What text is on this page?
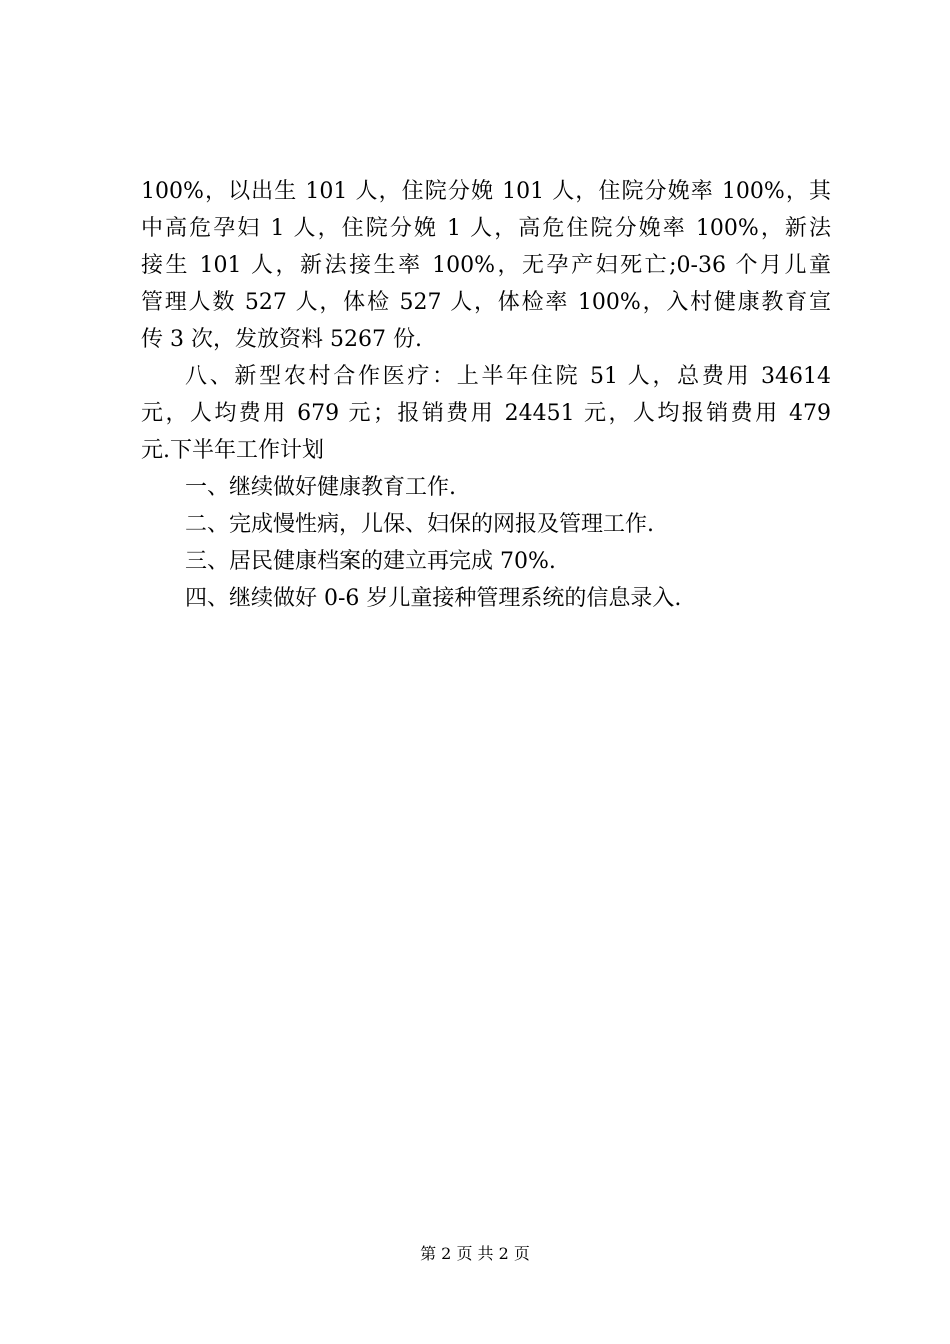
100%，以出生 101 人，住院分娩 101 人，住院分娩率 100%，其
中高危孕妇 1 人，住院分娩 1 人，高危住院分娩率 100%，新法
接生 101 人，新法接生率 100%，无孕产妇死亡;0-36 个月儿童
管理人数 527 人，体检 527 人，体检率 100%，入村健康教育宣
传 3 次，发放资料 5267 份.
八、新型农村合作医疗：上半年住院 51 人，总费用 34614
元，人均费用 679 元；报销费用 24451 元，人均报销费用 479
元.下半年工作计划
一、继续做好健康教育工作.
二、完成慢性病，儿保、妇保的网报及管理工作.
三、居民健康档案的建立再完成 70%.
四、继续做好 0-6 岁儿童接种管理系统的信息录入.
第 2 页 共 2 页
